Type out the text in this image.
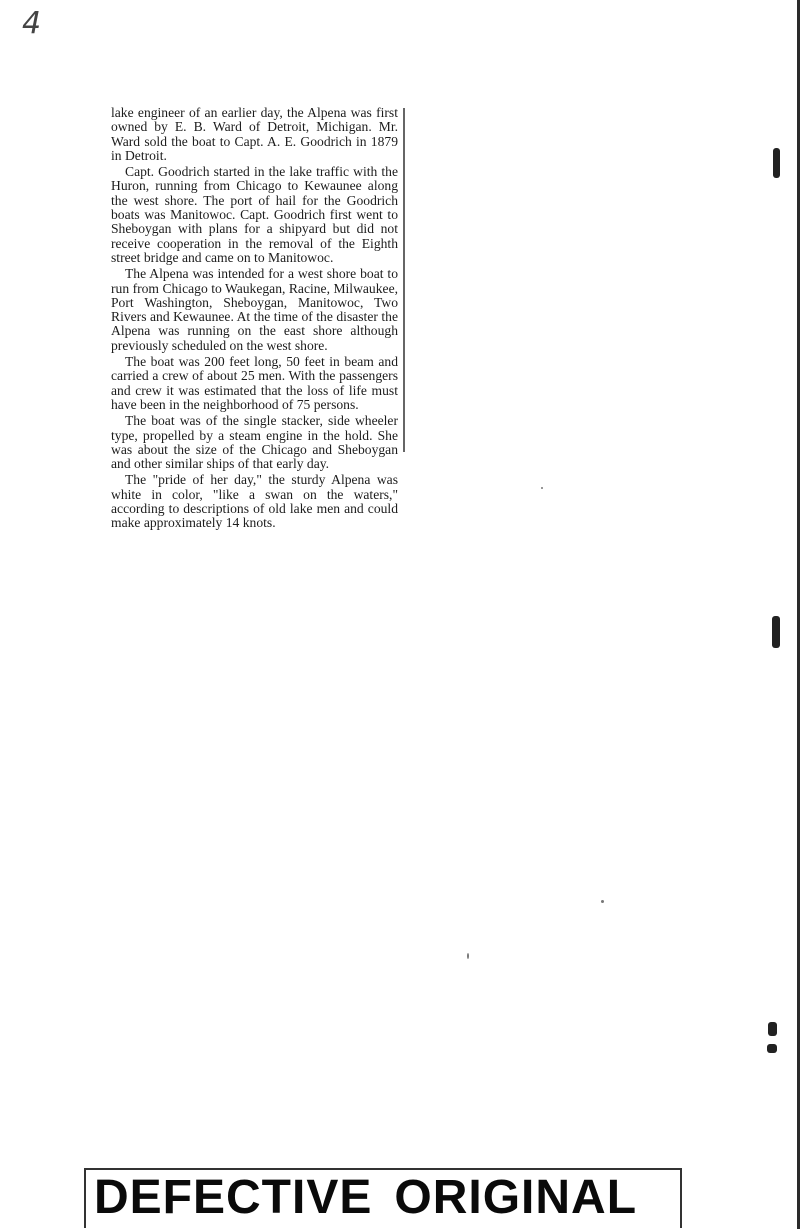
4

lake engineer of an earlier day, the Alpena was first owned by E. B. Ward of Detroit, Michigan. Mr. Ward sold the boat to Capt. A. E. Goodrich in 1879 in Detroit.

Capt. Goodrich started in the lake traffic with the Huron, running from Chicago to Kewaunee along the west shore. The port of hail for the Goodrich boats was Manitowoc. Capt. Goodrich first went to Sheboygan with plans for a shipyard but did not receive cooperation in the removal of the Eighth street bridge and came on to Manitowoc.

The Alpena was intended for a west shore boat to run from Chicago to Waukegan, Racine, Milwaukee, Port Washington, Sheboygan, Manitowoc, Two Rivers and Kewaunee. At the time of the disaster the Alpena was running on the east shore although previously scheduled on the west shore.

The boat was 200 feet long, 50 feet in beam and carried a crew of about 25 men. With the passengers and crew it was estimated that the loss of life must have been in the neighborhood of 75 persons.

The boat was of the single stacker, side wheeler type, propelled by a steam engine in the hold. She was about the size of the Chicago and Sheboygan and other similar ships of that early day.

The "pride of her day," the sturdy Alpena was white in color, "like a swan on the waters," according to descriptions of old lake men and could make approximately 14 knots.

DEFECTIVE ORIGINAL
